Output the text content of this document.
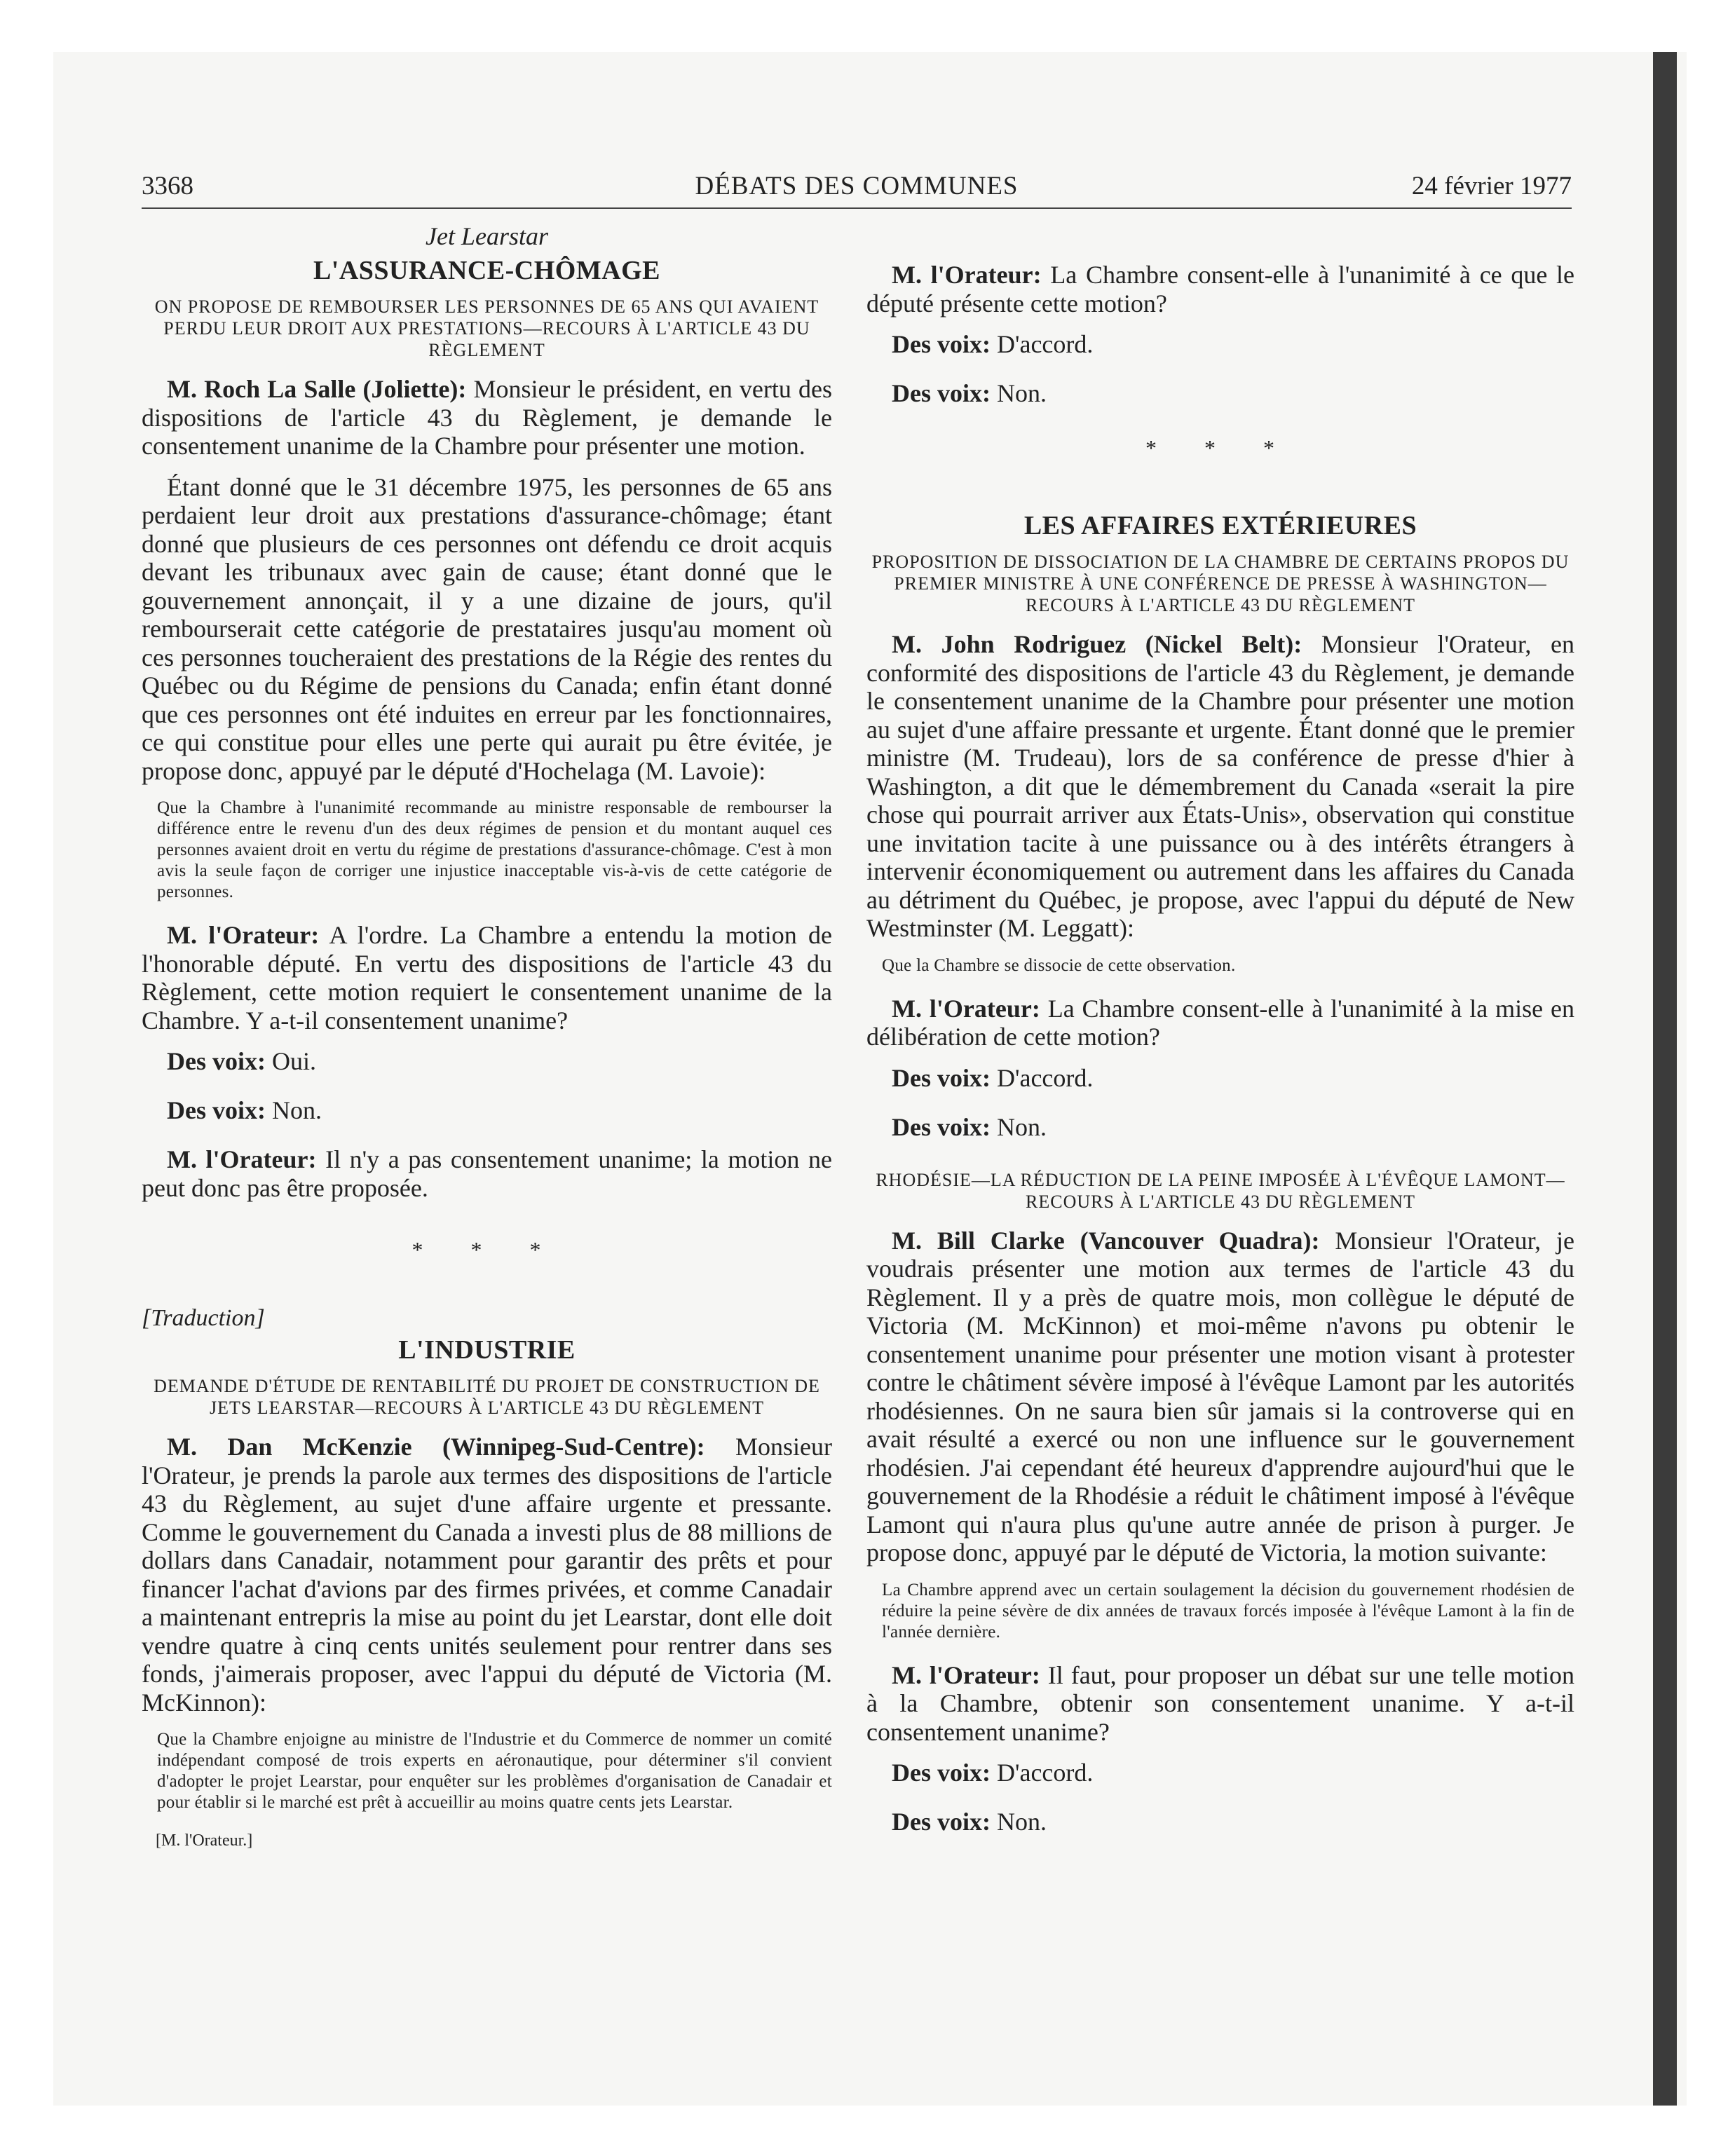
3368	DÉBATS DES COMMUNES	24 février 1977
Jet Learstar
L'ASSURANCE-CHÔMAGE
ON PROPOSE DE REMBOURSER LES PERSONNES DE 65 ANS QUI AVAIENT PERDU LEUR DROIT AUX PRESTATIONS—RECOURS À L'ARTICLE 43 DU RÈGLEMENT

M. Roch La Salle (Joliette): Monsieur le président, en vertu des dispositions de l'article 43 du Règlement, je demande le consentement unanime de la Chambre pour présenter une motion.

Étant donné que le 31 décembre 1975, les personnes de 65 ans perdaient leur droit aux prestations d'assurance-chômage; étant donné que plusieurs de ces personnes ont défendu ce droit acquis devant les tribunaux avec gain de cause; étant donné que le gouvernement annonçait, il y a une dizaine de jours, qu'il rembourserait cette catégorie de prestataires jusqu'au moment où ces personnes toucheraient des prestations de la Régie des rentes du Québec ou du Régime de pensions du Canada; enfin étant donné que ces personnes ont été induites en erreur par les fonctionnaires, ce qui constitue pour elles une perte qui aurait pu être évitée, je propose donc, appuyé par le député d'Hochelaga (M. Lavoie):

Que la Chambre à l'unanimité recommande au ministre responsable de rembourser la différence entre le revenu d'un des deux régimes de pension et du montant auquel ces personnes avaient droit en vertu du régime de prestations d'assurance-chômage. C'est à mon avis la seule façon de corriger une injustice inacceptable vis-à-vis de cette catégorie de personnes.

M. l'Orateur: A l'ordre. La Chambre a entendu la motion de l'honorable député. En vertu des dispositions de l'article 43 du Règlement, cette motion requiert le consentement unanime de la Chambre. Y a-t-il consentement unanime?

Des voix: Oui.

Des voix: Non.

M. l'Orateur: Il n'y a pas consentement unanime; la motion ne peut donc pas être proposée.

* * *
[Traduction]
L'INDUSTRIE
DEMANDE D'ÉTUDE DE RENTABILITÉ DU PROJET DE CONSTRUCTION DE JETS LEARSTAR—RECOURS À L'ARTICLE 43 DU RÈGLEMENT

M. Dan McKenzie (Winnipeg-Sud-Centre): Monsieur l'Orateur, je prends la parole aux termes des dispositions de l'article 43 du Règlement, au sujet d'une affaire urgente et pressante. Comme le gouvernement du Canada a investi plus de 88 millions de dollars dans Canadair, notamment pour garantir des prêts et pour financer l'achat d'avions par des firmes privées, et comme Canadair a maintenant entrepris la mise au point du jet Learstar, dont elle doit vendre quatre à cinq cents unités seulement pour rentrer dans ses fonds, j'aimerais proposer, avec l'appui du député de Victoria (M. McKinnon):

Que la Chambre enjoigne au ministre de l'Industrie et du Commerce de nommer un comité indépendant composé de trois experts en aéronautique, pour déterminer s'il convient d'adopter le projet Learstar, pour enquêter sur les problèmes d'organisation de Canadair et pour établir si le marché est prêt à accueillir au moins quatre cents jets Learstar.

[M. l'Orateur.]

M. l'Orateur: La Chambre consent-elle à l'unanimité à ce que le député présente cette motion?

Des voix: D'accord.

Des voix: Non.

* * *
LES AFFAIRES EXTÉRIEURES
PROPOSITION DE DISSOCIATION DE LA CHAMBRE DE CERTAINS PROPOS DU PREMIER MINISTRE À UNE CONFÉRENCE DE PRESSE À WASHINGTON—RECOURS À L'ARTICLE 43 DU RÈGLEMENT

M. John Rodriguez (Nickel Belt): Monsieur l'Orateur, en conformité des dispositions de l'article 43 du Règlement, je demande le consentement unanime de la Chambre pour présenter une motion au sujet d'une affaire pressante et urgente. Étant donné que le premier ministre (M. Trudeau), lors de sa conférence de presse d'hier à Washington, a dit que le démembrement du Canada «serait la pire chose qui pourrait arriver aux États-Unis», observation qui constitue une invitation tacite à une puissance ou à des intérêts étrangers à intervenir économiquement ou autrement dans les affaires du Canada au détriment du Québec, je propose, avec l'appui du député de New Westminster (M. Leggatt):

Que la Chambre se dissocie de cette observation.

M. l'Orateur: La Chambre consent-elle à l'unanimité à la mise en délibération de cette motion?

Des voix: D'accord.

Des voix: Non.

RHODÉSIE—LA RÉDUCTION DE LA PEINE IMPOSÉE À L'ÉVÊQUE LAMONT—RECOURS À L'ARTICLE 43 DU RÈGLEMENT

M. Bill Clarke (Vancouver Quadra): Monsieur l'Orateur, je voudrais présenter une motion aux termes de l'article 43 du Règlement. Il y a près de quatre mois, mon collègue le député de Victoria (M. McKinnon) et moi-même n'avons pu obtenir le consentement unanime pour présenter une motion visant à protester contre le châtiment sévère imposé à l'évêque Lamont par les autorités rhodésiennes. On ne saura bien sûr jamais si la controverse qui en avait résulté a exercé ou non une influence sur le gouvernement rhodésien. J'ai cependant été heureux d'apprendre aujourd'hui que le gouvernement de la Rhodésie a réduit le châtiment imposé à l'évêque Lamont qui n'aura plus qu'une autre année de prison à purger. Je propose donc, appuyé par le député de Victoria, la motion suivante:

La Chambre apprend avec un certain soulagement la décision du gouvernement rhodésien de réduire la peine sévère de dix années de travaux forcés imposée à l'évêque Lamont à la fin de l'année dernière.

M. l'Orateur: Il faut, pour proposer un débat sur une telle motion à la Chambre, obtenir son consentement unanime. Y a-t-il consentement unanime?

Des voix: D'accord.

Des voix: Non.
